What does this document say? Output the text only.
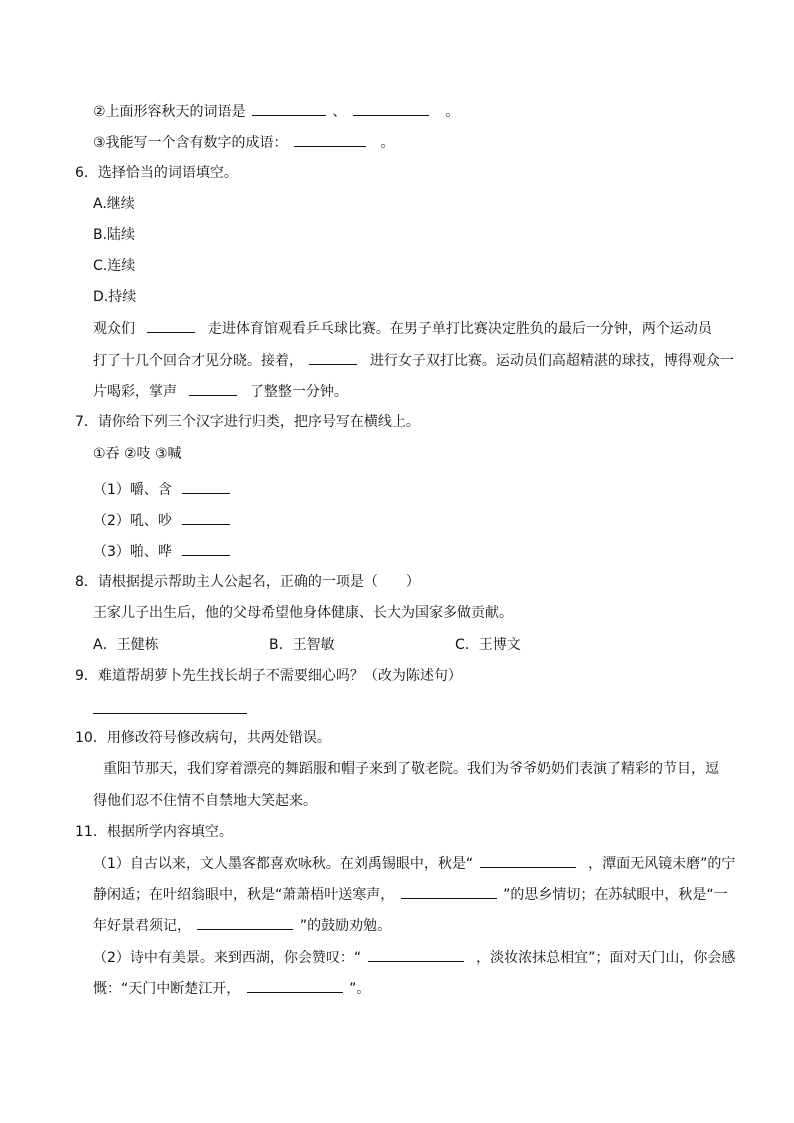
②上面形容秋天的词语是	、	。
③我能写一个含有数字的成语：	。
6．选择恰当的词语填空。
A.继续
B.陆续
C.连续
D.持续
观众们	走进体育馆观看乒乓球比赛。在男子单打比赛决定胜负的最后一分钟，两个运动员
打了十几个回合才见分晓。接着，	进行女子双打比赛。运动员们高超精湛的球技，博得观众一
片喝彩，掌声	了整整一分钟。
7．请你给下列三个汉字进行归类，把序号写在横线上。
①吞 ②吱 ③喊
（1）嚼、含
（2）吼、吵
（3）啪、哗
8．请根据提示帮助主人公起名，正确的一项是（　　）
王家儿子出生后，他的父母希望他身体健康、长大为国家多做贡献。
A．王健栋	B．王智敏	C．王博文
9．难道帮胡萝卜先生找长胡子不需要细心吗？（改为陈述句）
10．用修改符号修改病句，共两处错误。
重阳节那天，我们穿着漂亮的舞蹈服和帽子来到了敬老院。我们为爷爷奶奶们表演了精彩的节目，逗
得他们忍不住情不自禁地大笑起来。
11．根据所学内容填空。
（1）自古以来，文人墨客都喜欢咏秋。在刘禹锡眼中，秋是“	，潭面无风镜未磨”的宁
静闲适；在叶绍翁眼中，秋是“萧萧梧叶送寒声，	”的思乡情切；在苏轼眼中，秋是“一
年好景君须记，	”的鼓励劝勉。
（2）诗中有美景。来到西湖，你会赞叹：“	，淡妆浓抹总相宜”；面对天门山，你会感
慨：“天门中断楚江开，	”。
